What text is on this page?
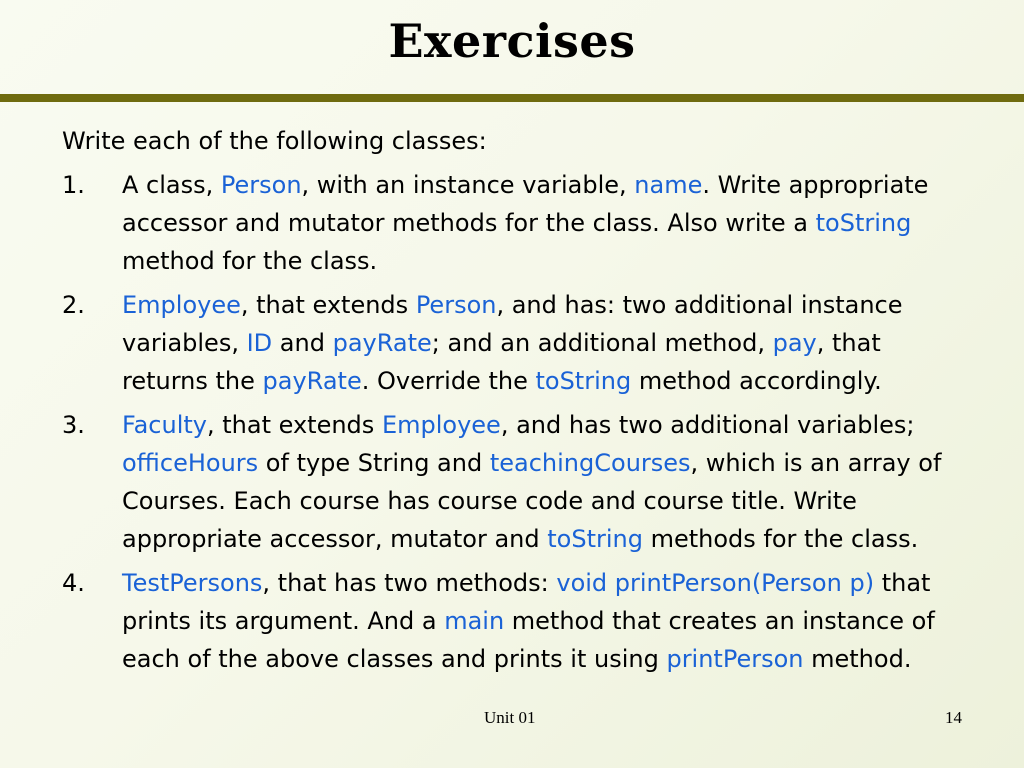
Exercises
Write each of the following classes:
1. A class, Person, with an instance variable, name. Write appropriate accessor and mutator methods for the class. Also write a toString method for the class.
2. Employee, that extends Person, and has: two additional instance variables, ID and payRate; and an additional method, pay, that returns the payRate. Override the toString method accordingly.
3. Faculty, that extends Employee, and has two additional variables; officeHours of type String and teachingCourses, which is an array of Courses. Each course has course code and course title. Write appropriate accessor, mutator and toString methods for the class.
4. TestPersons, that has two methods: void printPerson(Person p) that prints its argument. And a main method that creates an instance of each of the above classes and prints it using printPerson method.
Unit 01	14
